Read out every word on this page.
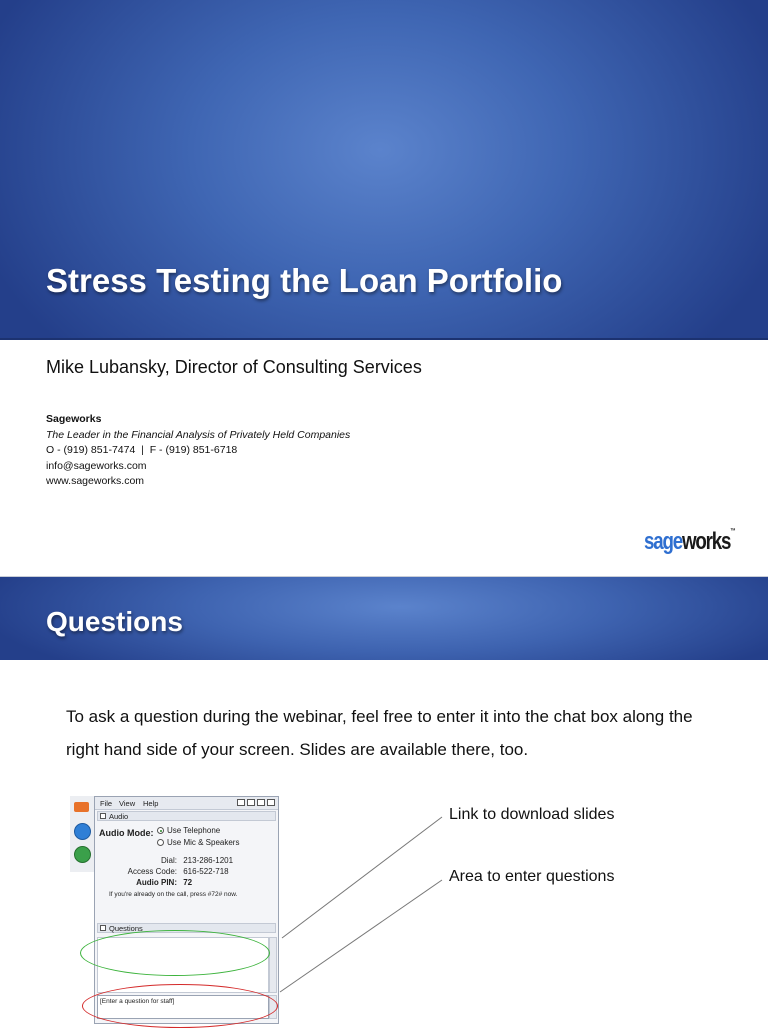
Stress Testing the Loan Portfolio
Mike Lubansky, Director of Consulting Services
Sageworks
The Leader in the Financial Analysis of Privately Held Companies
O - (919) 851-7474  |  F - (919) 851-6718
info@sageworks.com
www.sageworks.com
sageworks™
Questions
To ask a question during the webinar, feel free to enter it into the chat box along the right hand side of your screen. Slides are available there, too.
File View Help
Audio
Audio Mode: Use Telephone
Use Mic & Speakers
Dial: 213-286-1201
Access Code: 616-522-718
Audio PIN: 72
If you're already on the call, press #72# now.
Questions
[Enter a question for staff]
Link to download slides
Area to enter questions
